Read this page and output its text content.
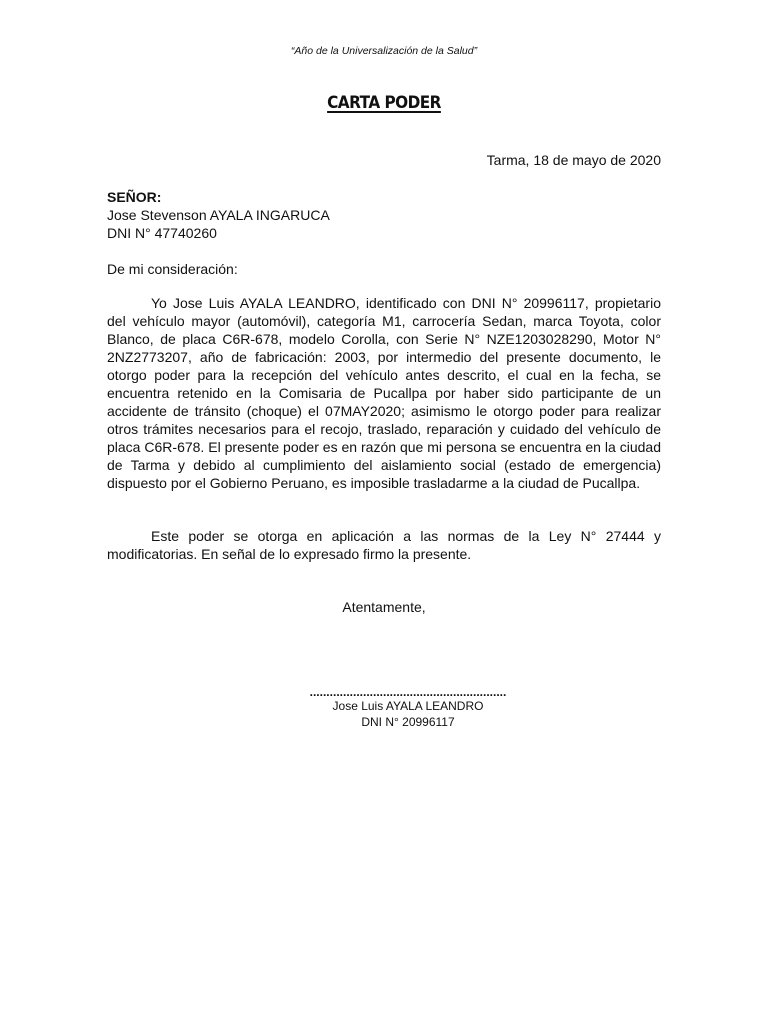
“Año de la Universalización de la Salud”
CARTA PODER
Tarma, 18 de mayo de 2020
SEÑOR:
Jose Stevenson AYALA INGARUCA
DNI N° 47740260
De mi consideración:

Yo Jose Luis AYALA LEANDRO, identificado con DNI N° 20996117, propietario del vehículo mayor (automóvil), categoría M1, carrocería Sedan, marca Toyota, color Blanco, de placa C6R-678, modelo Corolla, con Serie N° NZE1203028290, Motor N° 2NZ2773207, año de fabricación: 2003, por intermedio del presente documento, le otorgo poder para la recepción del vehículo antes descrito, el cual en la fecha, se encuentra retenido en la Comisaria de Pucallpa por haber sido participante de un accidente de tránsito (choque) el 07MAY2020; asimismo le otorgo poder para realizar otros trámites necesarios para el recojo, traslado, reparación y cuidado del vehículo de placa C6R-678. El presente poder es en razón que mi persona se encuentra en la ciudad de Tarma y debido al cumplimiento del aislamiento social (estado de emergencia) dispuesto por el Gobierno Peruano, es imposible trasladarme a la ciudad de Pucallpa.

Este poder se otorga en aplicación a las normas de la Ley N° 27444 y modificatorias. En señal de lo expresado firmo la presente.

Atentamente,
...........................................................
Jose Luis AYALA LEANDRO
DNI N° 20996117
